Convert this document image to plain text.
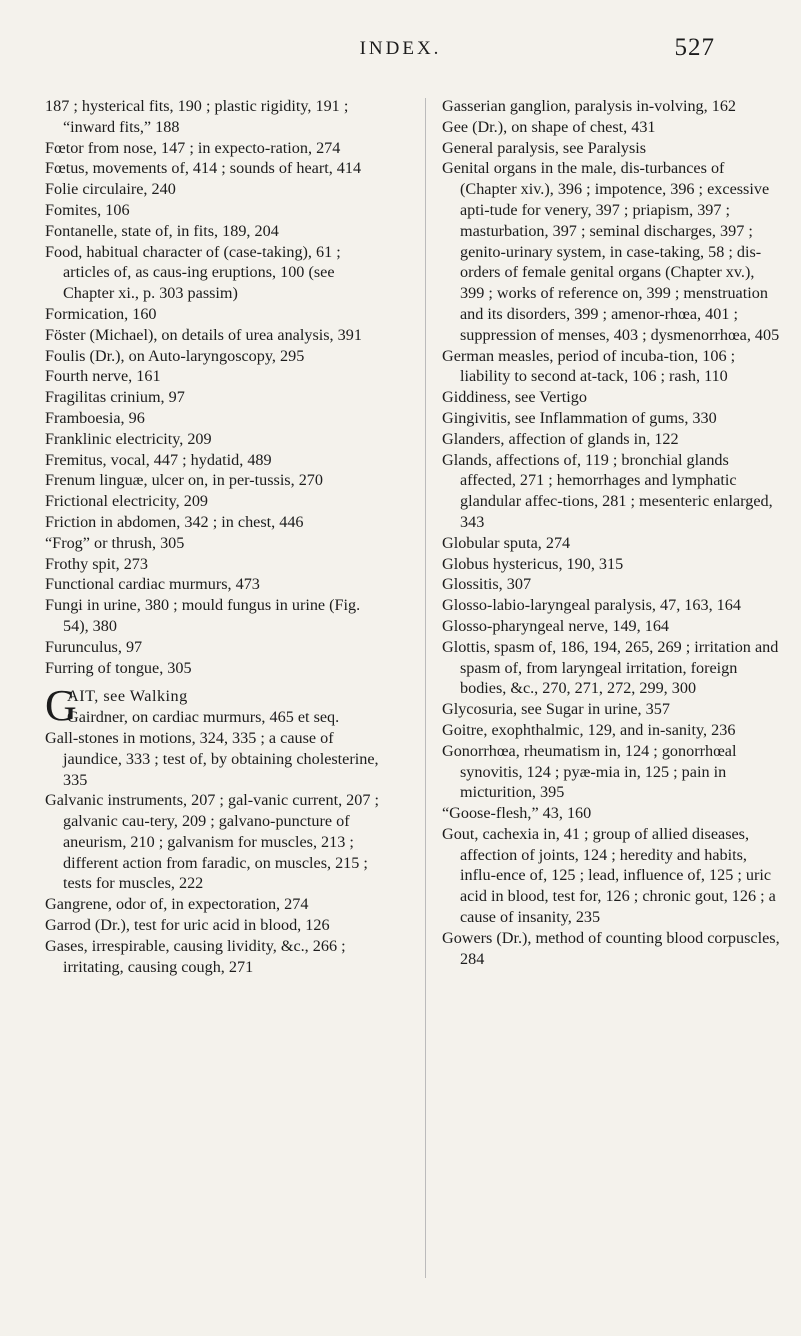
INDEX.	527
187 ; hysterical fits, 190 ; plastic rigidity, 191 ; “inward fits,” 188
Fœtor from nose, 147 ; in expecto-ration, 274
Fœtus, movements of, 414 ; sounds of heart, 414
Folie circulaire, 240
Fomites, 106
Fontanelle, state of, in fits, 189, 204
Food, habitual character of (case-taking), 61 ; articles of, as caus-ing eruptions, 100 (see Chapter xi., p. 303 passim)
Formication, 160
Föster (Michael), on details of urea analysis, 391
Foulis (Dr.), on Auto-laryngoscopy, 295
Fourth nerve, 161
Fragilitas crinium, 97
Framboesia, 96
Franklinic electricity, 209
Fremitus, vocal, 447 ; hydatid, 489
Frenum linguæ, ulcer on, in per-tussis, 270
Frictional electricity, 209
Friction in abdomen, 342 ; in chest, 446
“Frog” or thrush, 305
Frothy spit, 273
Functional cardiac murmurs, 473
Fungi in urine, 380 ; mould fungus in urine (Fig. 54), 380
Furunculus, 97
Furring of tongue, 305
G
AIT, see Walking
Gairdner, on cardiac murmurs, 465 et seq.
Gall-stones in motions, 324, 335 ; a cause of jaundice, 333 ; test of, by obtaining cholesterine, 335
Galvanic instruments, 207 ; gal-vanic current, 207 ; galvanic cau-tery, 209 ; galvano-puncture of aneurism, 210 ; galvanism for muscles, 213 ; different action from faradic, on muscles, 215 ; tests for muscles, 222
Gangrene, odor of, in expectoration, 274
Garrod (Dr.), test for uric acid in blood, 126
Gases, irrespirable, causing lividity, &c., 266 ; irritating, causing cough, 271
Gasserian ganglion, paralysis in-volving, 162
Gee (Dr.), on shape of chest, 431
General paralysis, see Paralysis
Genital organs in the male, dis-turbances of (Chapter xiv.), 396 ; impotence, 396 ; excessive apti-tude for venery, 397 ; priapism, 397 ; masturbation, 397 ; seminal discharges, 397 ; genito-urinary system, in case-taking, 58 ; dis-orders of female genital organs (Chapter xv.), 399 ; works of reference on, 399 ; menstruation and its disorders, 399 ; amenor-rhœa, 401 ; suppression of menses, 403 ; dysmenorrhœa, 405
German measles, period of incuba-tion, 106 ; liability to second at-tack, 106 ; rash, 110
Giddiness, see Vertigo
Gingivitis, see Inflammation of gums, 330
Glanders, affection of glands in, 122
Glands, affections of, 119 ; bronchial glands affected, 271 ; hemorrhages and lymphatic glandular affec-tions, 281 ; mesenteric enlarged, 343
Globular sputa, 274
Globus hystericus, 190, 315
Glossitis, 307
Glosso-labio-laryngeal paralysis, 47, 163, 164
Glosso-pharyngeal nerve, 149, 164
Glottis, spasm of, 186, 194, 265, 269 ; irritation and spasm of, from laryngeal irritation, foreign bodies, &c., 270, 271, 272, 299, 300
Glycosuria, see Sugar in urine, 357
Goitre, exophthalmic, 129, and in-sanity, 236
Gonorrhœa, rheumatism in, 124 ; gonorrhœal synovitis, 124 ; pyæ-mia in, 125 ; pain in micturition, 395
“Goose-flesh,” 43, 160
Gout, cachexia in, 41 ; group of allied diseases, affection of joints, 124 ; heredity and habits, influ-ence of, 125 ; lead, influence of, 125 ; uric acid in blood, test for, 126 ; chronic gout, 126 ; a cause of insanity, 235
Gowers (Dr.), method of counting blood corpuscles, 284
